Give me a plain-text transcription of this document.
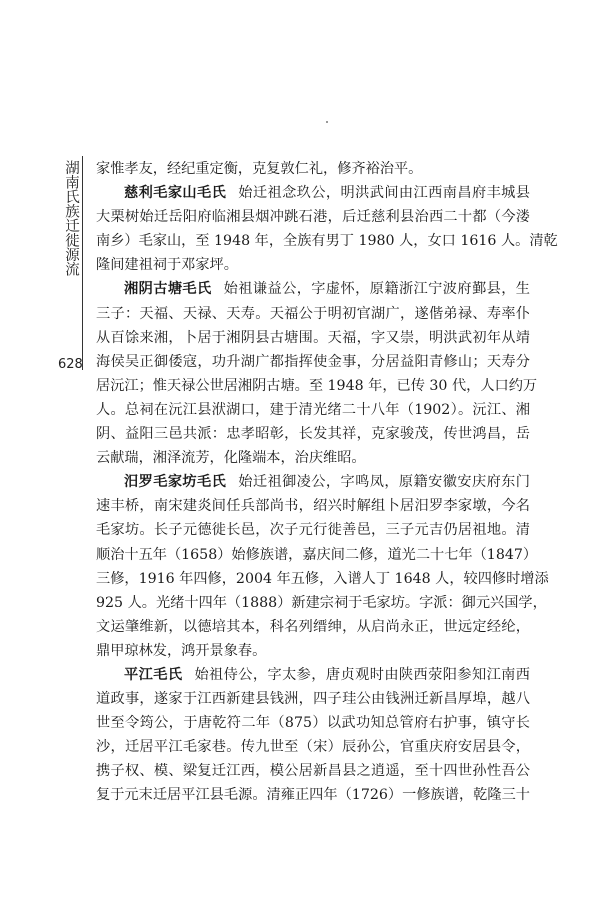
湖南氏族迁徙源流
628
家惟孝友，经纪重定衡，克复敦仁礼，修齐裕治平。
慈利毛家山毛氏 始迁祖念玖公，明洪武间由江西南昌府丰城县
大栗树始迁岳阳府临湘县烟冲跳石港，后迁慈利县治西二十都（今溇
南乡）毛家山，至 1948 年，全族有男丁 1980 人，女口 1616 人。清乾
隆间建祖祠于邓家坪。
湘阴古塘毛氏 始祖谦益公，字虚怀，原籍浙江宁波府鄞县，生
三子：天福、天禄、天寿。天福公于明初官湖广，遂偕弟禄、寿率仆
从百馀来湘，卜居于湘阴县古塘围。天福，字又崇，明洪武初年从靖
海侯吴正御倭寇，功升湖广都指挥使金事，分居益阳青修山；天寿分
居沅江；惟天禄公世居湘阴古塘。至 1948 年，已传 30 代，人口约万
人。总祠在沅江县洑湖口，建于清光绪二十八年（1902）。沅江、湘
阴、益阳三邑共派：忠孝昭彰，长发其祥，克家骏茂，传世鸿昌，岳
云献瑞，湘泽流芳，化隆端本，治庆维昭。
汨罗毛家坊毛氏 始迁祖御凌公，字鸣凤，原籍安徽安庆府东门
速丰桥，南宋建炎间任兵部尚书，绍兴时解组卜居汨罗李家墩，今名
毛家坊。长子元德徙长邑，次子元行徙善邑，三子元吉仍居祖地。清
顺治十五年（1658）始修族谱，嘉庆间二修，道光二十七年（1847）
三修，1916 年四修，2004 年五修，入谱人丁 1648 人，较四修时增添
925 人。光绪十四年（1888）新建宗祠于毛家坊。字派：御元兴国学，
文运肇维新，以德培其本，科名列缙绅，从启尚永正，世远定经纶，
鼎甲琼林发，鸿开景象春。
平江毛氏 始祖侍公，字太参，唐贞观时由陕西荥阳参知江南西
道政事，遂家于江西新建县钱洲，四子珪公由钱洲迁新昌厚埠，越八
世至令筠公，于唐乾符二年（875）以武功知总管府右护事，镇守长
沙，迁居平江毛家巷。传九世至（宋）辰孙公，官重庆府安居县令，
携子权、模、梁复迁江西，模公居新昌县之逍遥，至十四世孙性吾公
复于元末迁居平江县毛源。清雍正四年（1726）一修族谱，乾隆三十
